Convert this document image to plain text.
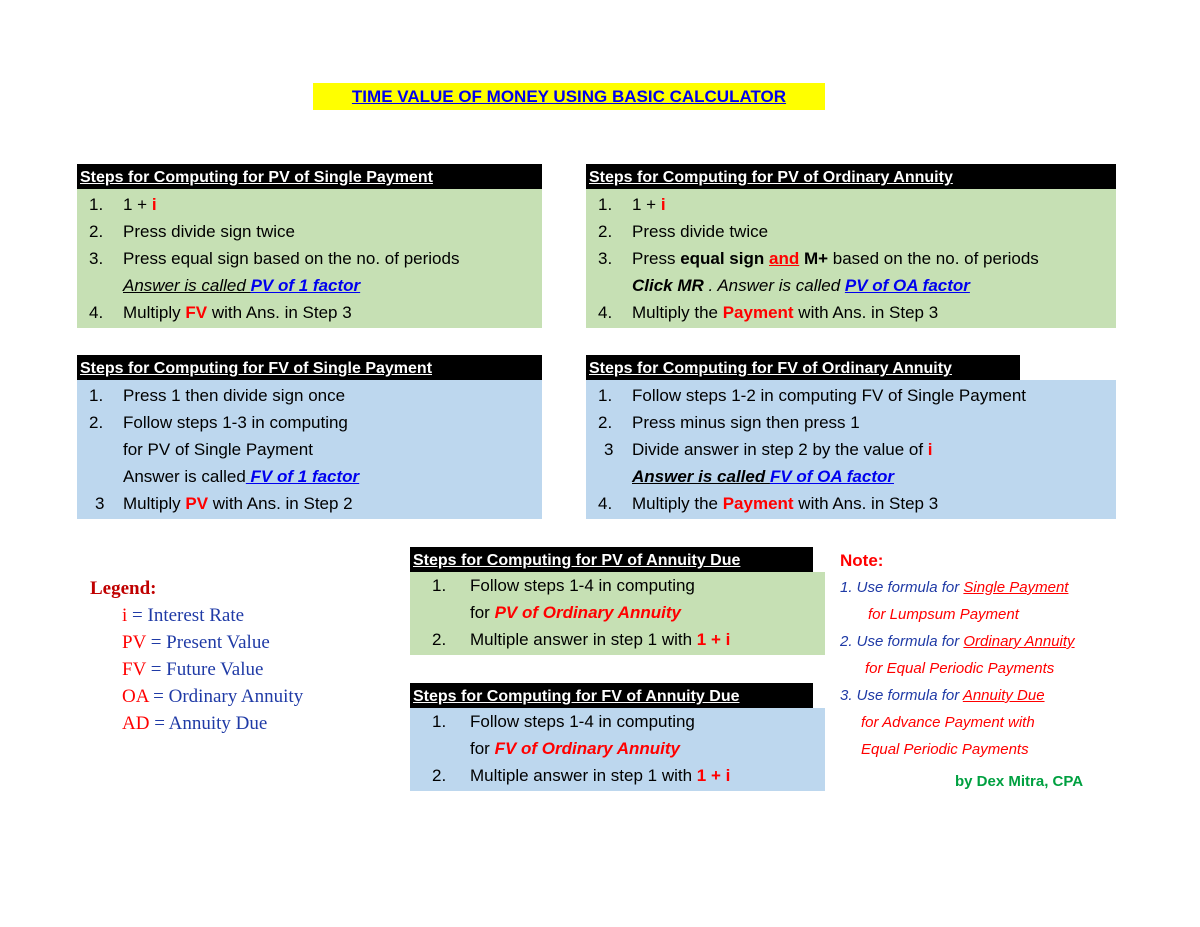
TIME VALUE OF MONEY USING BASIC CALCULATOR
Steps for Computing for PV of Single Payment
1.	1 + i
2.	Press divide sign twice
3.	Press equal sign based on the no. of periods
Answer is called PV of 1 factor
4.	Multiply FV with Ans. in Step 3
Steps for Computing for PV of Ordinary Annuity
1.	1 + i
2.	Press divide twice
3.	Press equal sign and M+ based on the no. of periods
Click MR . Answer is called PV of OA factor
4.	Multiply the Payment with Ans. in Step 3
Steps for Computing for FV of Single Payment
1.	Press 1 then divide sign once
2.	Follow steps 1-3 in computing
for PV of Single Payment
Answer is called FV of 1 factor
3	Multiply PV with Ans. in Step 2
Steps for Computing for FV of Ordinary Annuity
1.	Follow steps 1-2 in computing FV of Single Payment
2.	Press minus sign then press 1
3	Divide answer in step 2 by the value of i
Answer is called FV of OA factor
4.	Multiply the Payment with Ans. in Step 3
Steps for Computing for PV of Annuity Due
1.	Follow steps 1-4 in computing
for PV of Ordinary Annuity
2.	Multiple answer in step 1 with 1 + i
Steps for Computing for FV of Annuity Due
1.	Follow steps 1-4 in computing
for FV of Ordinary Annuity
2.	Multiple answer in step 1 with 1 + i
Legend:
i = Interest Rate
PV = Present Value
FV = Future Value
OA = Ordinary Annuity
AD = Annuity Due
Note:
1. Use formula for Single Payment
for Lumpsum Payment
2. Use formula for Ordinary Annuity
for Equal Periodic Payments
3. Use formula for Annuity Due
for Advance Payment with
Equal Periodic Payments
by Dex Mitra, CPA
